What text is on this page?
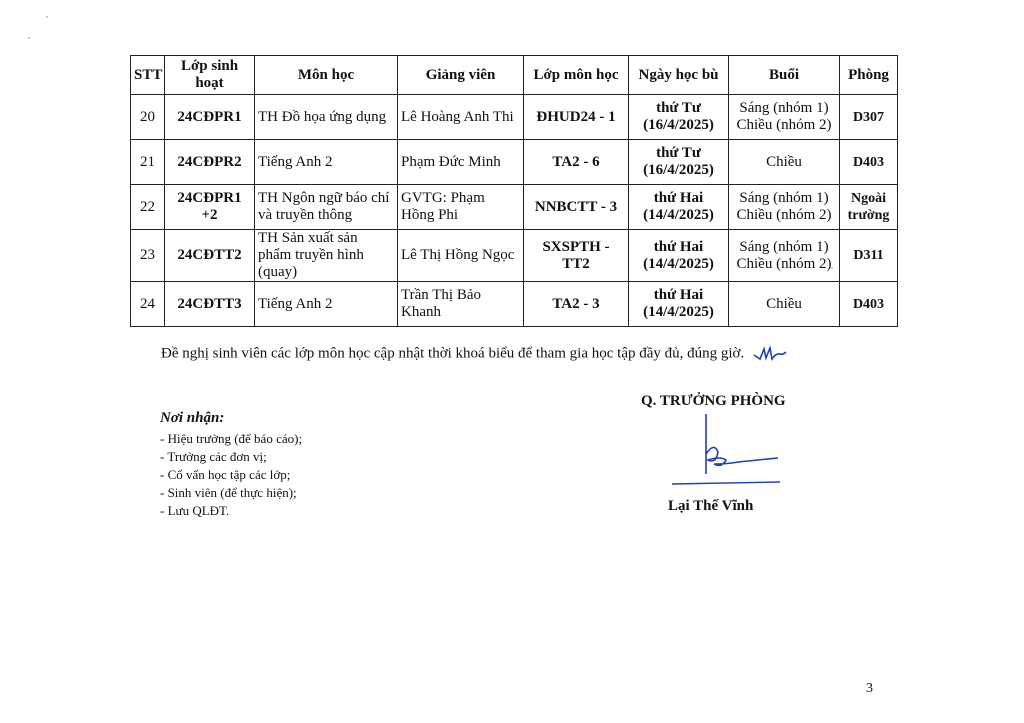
STT	Lớp sinh hoạt	Môn học	Giảng viên	Lớp môn học	Ngày học bù	Buổi	Phòng
20	24CĐPR1	TH Đồ họa ứng dụng	Lê Hoàng Anh Thi	ĐHUD24 - 1	thứ Tư (16/4/2025)	Sáng (nhóm 1) Chiều (nhóm 2)	D307
21	24CĐPR2	Tiếng Anh 2	Phạm Đức Minh	TA2 - 6	thứ Tư (16/4/2025)	Chiều	D403
22	24CĐPR1 +2	TH Ngôn ngữ báo chí và truyền thông	GVTG: Phạm Hồng Phi	NNBCTT - 3	thứ Hai (14/4/2025)	Sáng (nhóm 1) Chiều (nhóm 2)	Ngoài trường
23	24CĐTT2	TH Sản xuất sản phẩm truyền hình (quay)	Lê Thị Hồng Ngọc	SXSPTH - TT2	thứ Hai (14/4/2025)	Sáng (nhóm 1) Chiều (nhóm 2)	D311
24	24CĐTT3	Tiếng Anh 2	Trần Thị Bảo Khanh	TA2 - 3	thứ Hai (14/4/2025)	Chiều	D403
Đề nghị sinh viên các lớp môn học cập nhật thời khoá biểu để tham gia học tập đầy đủ, đúng giờ.
Q. TRƯỞNG PHÒNG
Lại Thế Vĩnh
Nơi nhận:
- Hiệu trưởng (để báo cáo);
- Trưởng các đơn vị;
- Cố vấn học tập các lớp;
- Sinh viên (để thực hiện);
- Lưu QLĐT.
3
